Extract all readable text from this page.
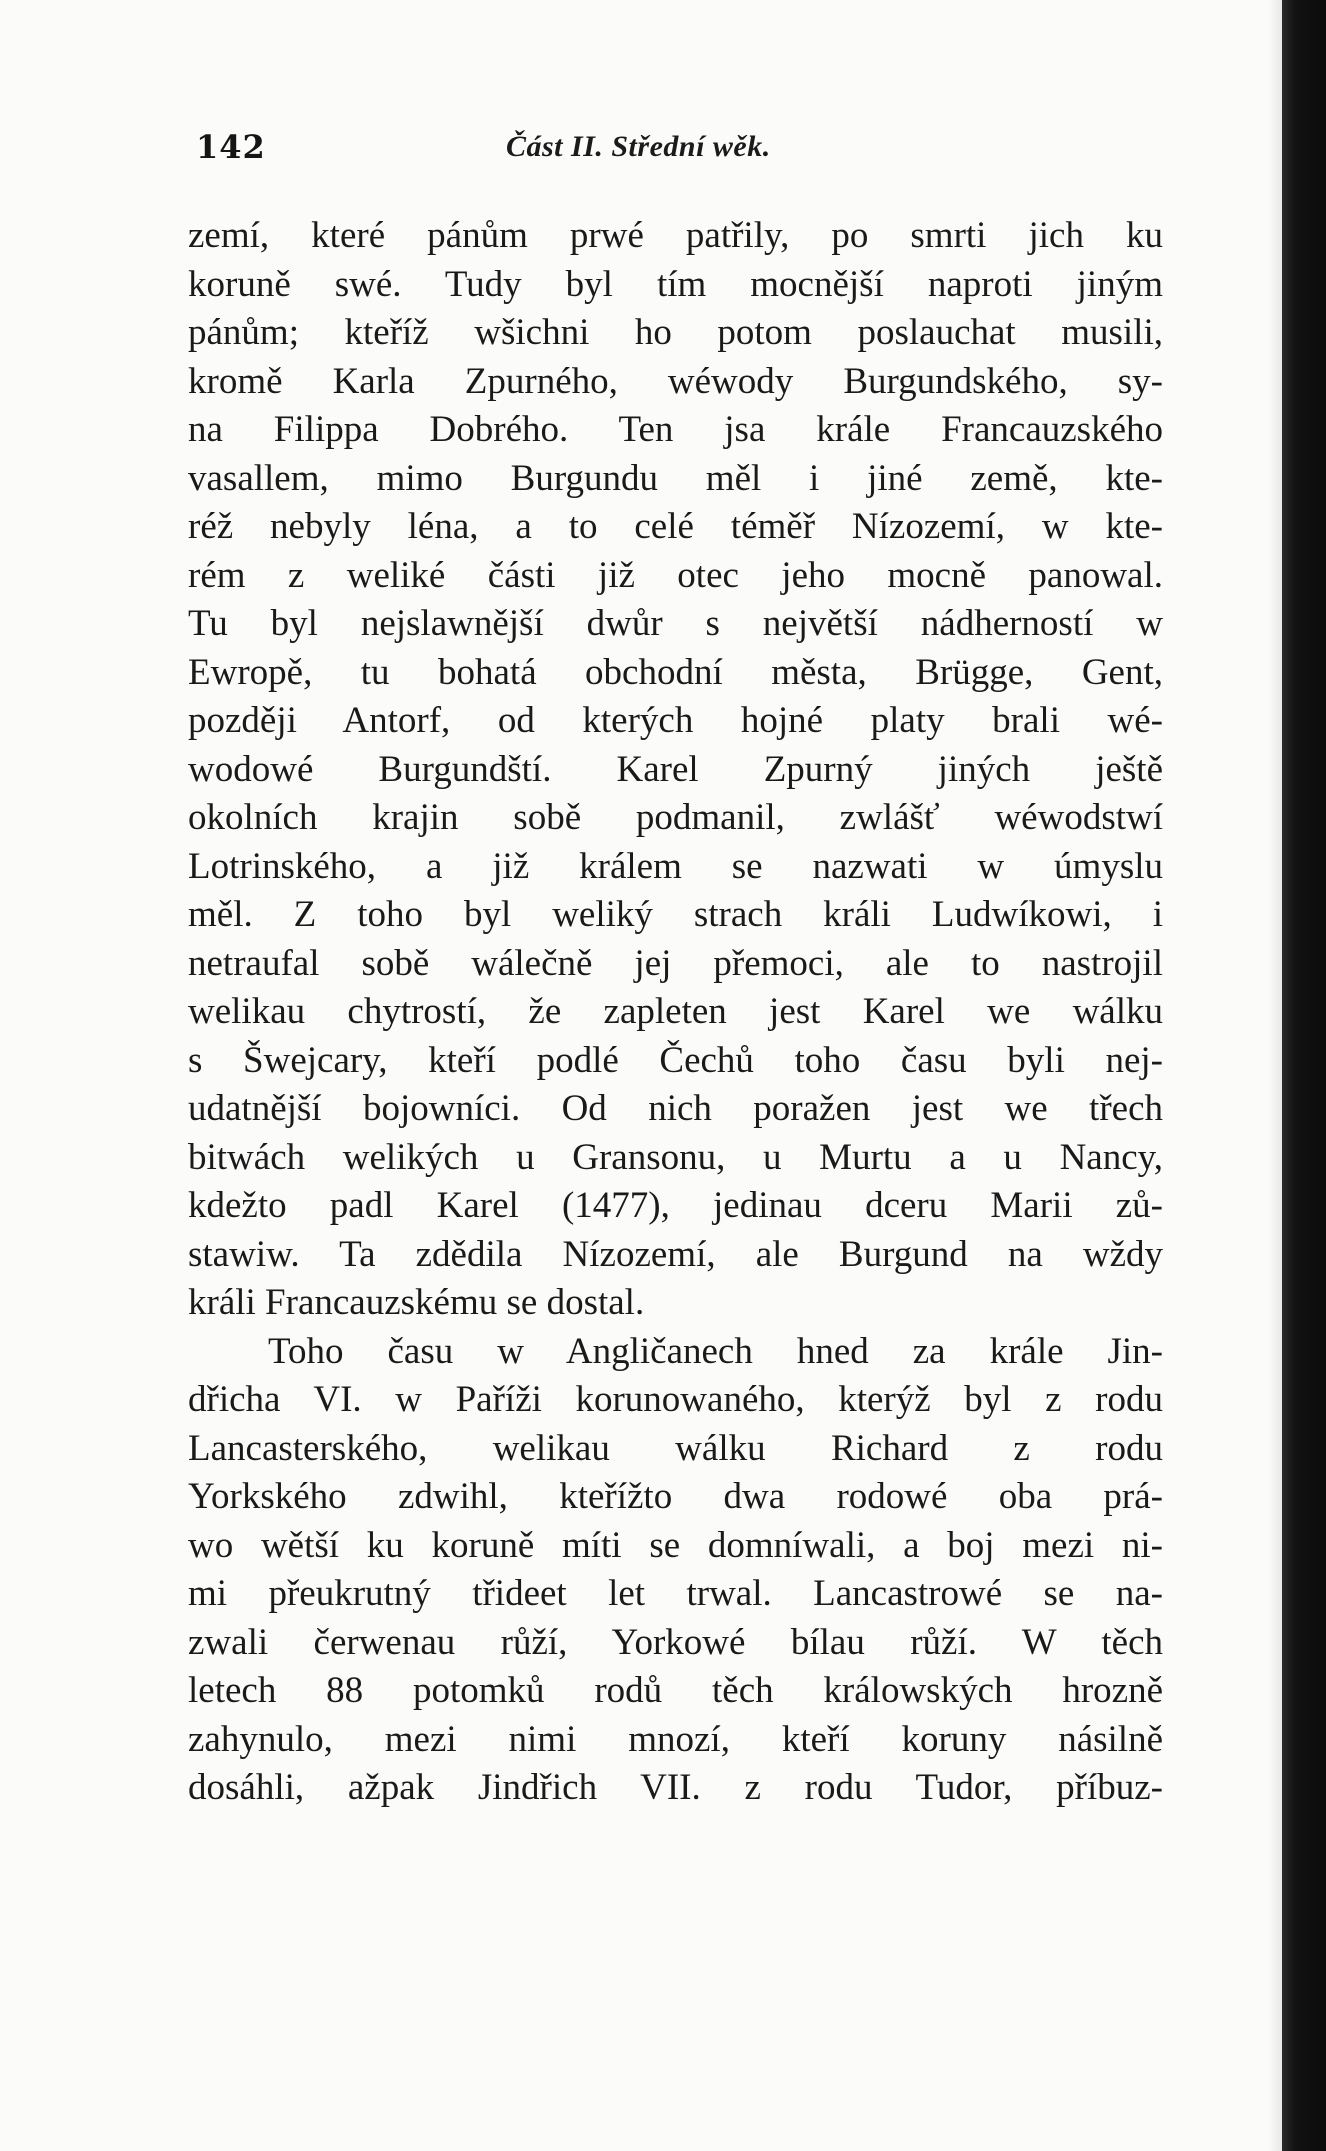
142	Část II. Střední wěk.
zemí, které pánům prwé patřily, po smrti jich ku
koruně swé. Tudy byl tím mocnější naproti jiným
pánům; kteříž wšichni ho potom poslauchat musili,
kromě Karla Zpurného, wéwody Burgundského, sy-
na Filippa Dobrého. Ten jsa krále Francauzského
vasallem, mimo Burgundu měl i jiné země, kte-
réž nebyly léna, a to celé téměř Nízozemí, w kte-
rém z weliké části již otec jeho mocně panowal.
Tu byl nejslawnější dwůr s největší nádherností w
Ewropě, tu bohatá obchodní města, Brügge, Gent,
později Antorf, od kterých hojné platy brali wé-
wodowé Burgundští. Karel Zpurný jiných ještě
okolních krajin sobě podmanil, zwlášť wéwodstwí
Lotrinského, a již králem se nazwati w úmyslu
měl. Z toho byl weliký strach králi Ludwíkowi, i
netraufal sobě wálečně jej přemoci, ale to nastrojil
welikau chytrostí, že zapleten jest Karel we wálku
s Šwejcary, kteří podlé Čechů toho času byli nej-
udatnější bojowníci. Od nich poražen jest we třech
bitwách welikých u Gransonu, u Murtu a u Nancy,
kdežto padl Karel (1477), jedinau dceru Marii zů-
stawiw. Ta zdědila Nízozemí, ale Burgund na wždy
králi Francauzskému se dostal.
Toho času w Angličanech hned za krále Jin-
dřicha VI. w Paříži korunowaného, kterýž byl z rodu
Lancasterského, welikau wálku Richard z rodu
Yorkského zdwihl, kteřížto dwa rodowé oba prá-
wo wětší ku koruně míti se domníwali, a boj mezi ni-
mi přeukrutný třideet let trwal. Lancastrowé se na-
zwali čerwenau růží, Yorkowé bílau růží. W těch
letech 88 potomků rodů těch králowských hrozně
zahynulo, mezi nimi mnozí, kteří koruny násilně
dosáhli, ažpak Jindřich VII. z rodu Tudor, příbuz-
